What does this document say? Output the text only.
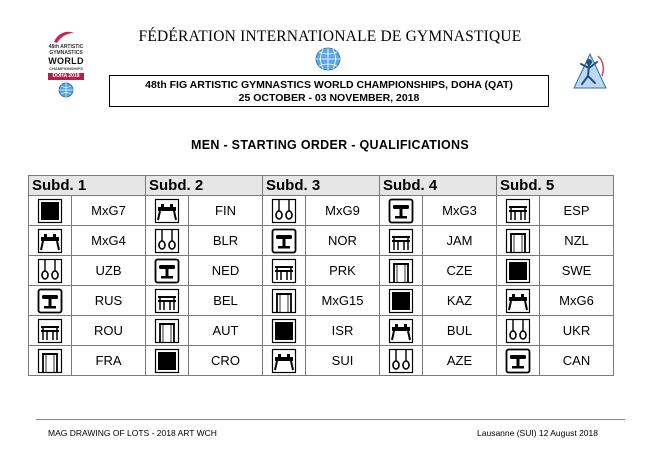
FÉDÉRATION INTERNATIONALE DE GYMNASTIQUE
48th ARTISTIC
GYMNASTICS
WORLD
CHAMPIONSHIPS
DOHA 2018
48th FIG ARTISTIC GYMNASTICS WORLD CHAMPIONSHIPS, DOHA (QAT)
25 OCTOBER - 03 NOVEMBER, 2018
MEN - STARTING ORDER - QUALIFICATIONS
Subd. 1		Subd. 2		Subd. 3		Subd. 4		Subd. 5	

	MxG7		FIN		MxG9		MxG3		ESP

	MxG4		BLR		NOR		JAM		NZL

	UZB		NED		PRK		CZE		SWE

	RUS		BEL		MxG15		KAZ		MxG6

	ROU		AUT		ISR		BUL		UKR

	FRA		CRO		SUI		AZE		CAN
MAG DRAWING OF LOTS - 2018 ART WCH	Lausanne (SUI) 12 August 2018
